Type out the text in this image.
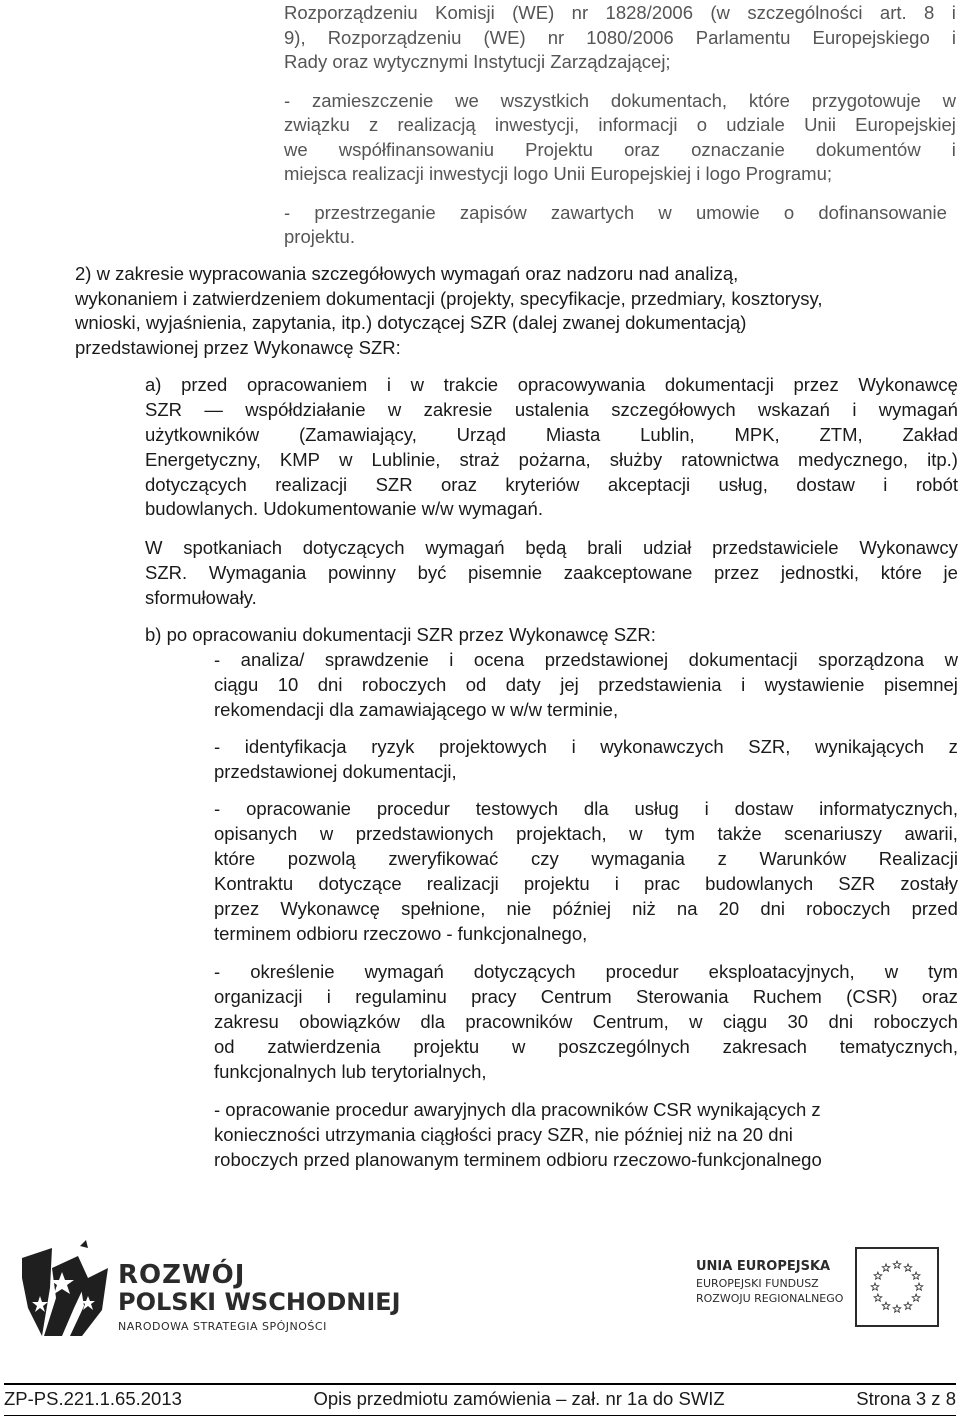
Rozporządzeniu Komisji (WE) nr 1828/2006 (w szczególności art. 8 i
9), Rozporządzeniu (WE) nr 1080/2006 Parlamentu Europejskiego i
Rady oraz wytycznymi Instytucji Zarządzającej;
- zamieszczenie we wszystkich dokumentach, które przygotowuje w
związku z realizacją inwestycji, informacji o udziale Unii Europejskiej
we współfinansowaniu Projektu oraz oznaczanie dokumentów i
miejsca realizacji inwestycji logo Unii Europejskiej i logo Programu;
- przestrzeganie zapisów zawartych w umowie o dofinansowanie
projektu.
2) w zakresie wypracowania szczegółowych wymagań oraz nadzoru nad analizą,
wykonaniem i zatwierdzeniem dokumentacji (projekty, specyfikacje, przedmiary, kosztorysy,
wnioski, wyjaśnienia, zapytania, itp.) dotyczącej SZR (dalej zwanej dokumentacją)
przedstawionej przez Wykonawcę SZR:
a) przed opracowaniem i w trakcie opracowywania dokumentacji przez Wykonawcę
SZR — współdziałanie w zakresie ustalenia szczegółowych wskazań i wymagań
użytkowników (Zamawiający, Urząd Miasta Lublin, MPK, ZTM, Zakład
Energetyczny, KMP w Lublinie, straż pożarna, służby ratownictwa medycznego, itp.)
dotyczących realizacji SZR oraz kryteriów akceptacji usług, dostaw i robót
budowlanych. Udokumentowanie w/w wymagań.
W spotkaniach dotyczących wymagań będą brali udział przedstawiciele Wykonawcy
SZR. Wymagania powinny być pisemnie zaakceptowane przez jednostki, które je
sformułowały.
b) po opracowaniu dokumentacji SZR przez Wykonawcę SZR:
- analiza/ sprawdzenie i ocena przedstawionej dokumentacji sporządzona w
ciągu 10 dni roboczych od daty jej przedstawienia i wystawienie pisemnej
rekomendacji dla zamawiającego w w/w terminie,
- identyfikacja ryzyk projektowych i wykonawczych SZR, wynikających z
przedstawionej dokumentacji,
- opracowanie procedur testowych dla usług i dostaw informatycznych,
opisanych w przedstawionych projektach, w tym także scenariuszy awarii,
które pozwolą zweryfikować czy wymagania z Warunków Realizacji
Kontraktu dotyczące realizacji projektu i prac budowlanych SZR zostały
przez Wykonawcę spełnione, nie później niż na 20 dni roboczych przed
terminem odbioru rzeczowo - funkcjonalnego,
- określenie wymagań dotyczących procedur eksploatacyjnych, w tym
organizacji i regulaminu pracy Centrum Sterowania Ruchem (CSR) oraz
zakresu obowiązków dla pracowników Centrum, w ciągu 30 dni roboczych
od zatwierdzenia projektu w poszczególnych zakresach tematycznych,
funkcjonalnych lub terytorialnych,
- opracowanie procedur awaryjnych dla pracowników CSR wynikających z
konieczności utrzymania ciągłości pracy SZR, nie później niż na 20 dni
roboczych przed planowanym terminem odbioru rzeczowo-funkcjonalnego
ROZWÓJ
POLSKI WSCHODNIEJ
NARODOWA STRATEGIA SPÓJNOŚCI
UNIA EUROPEJSKA
EUROPEJSKI FUNDUSZ
ROZWOJU REGIONALNEGO
ZP-PS.221.1.65.2013	Opis przedmiotu zamówienia – zał. nr 1a do SWIZ	Strona 3 z 8
